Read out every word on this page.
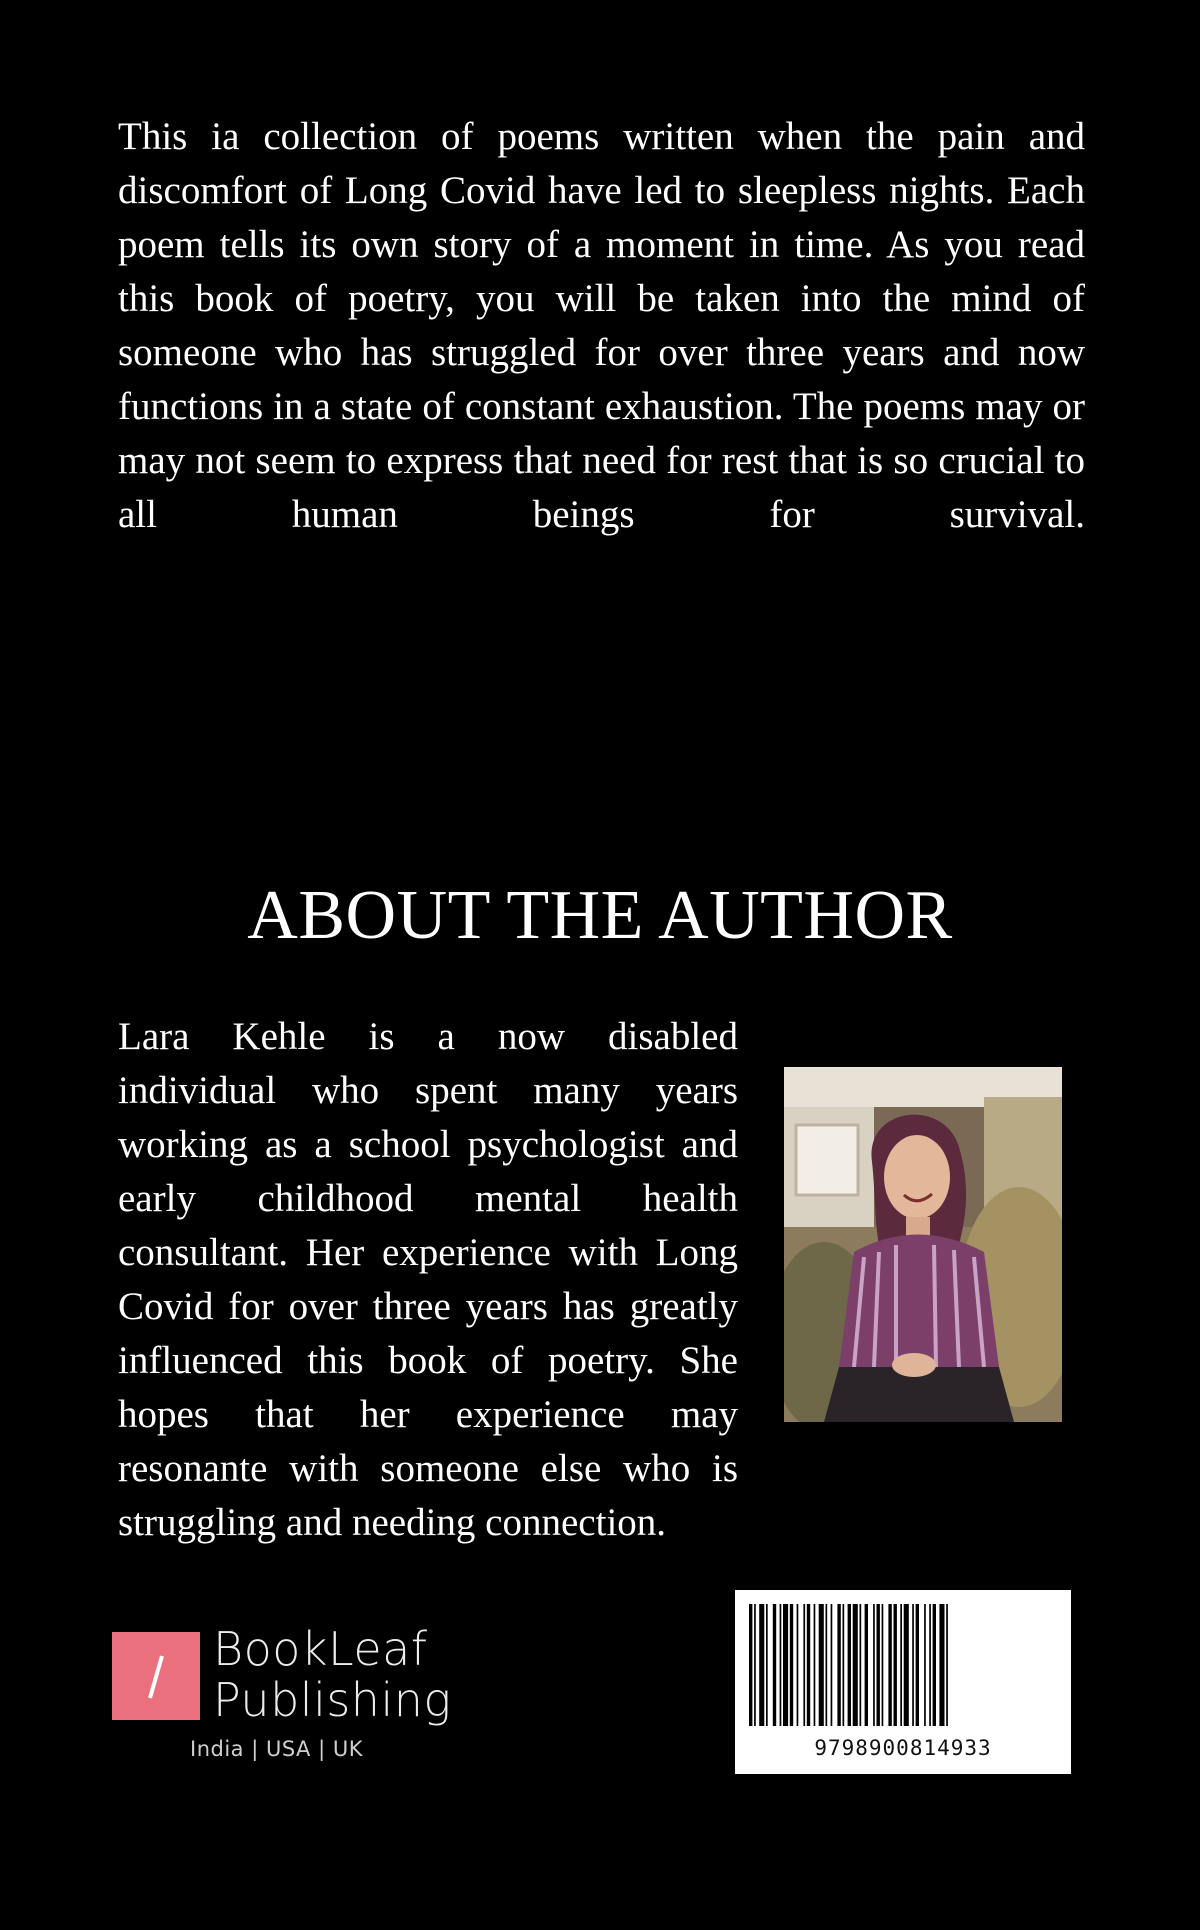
This ia collection of poems written when the pain and discomfort of Long Covid have led to sleepless nights. Each poem tells its own story of a moment in time. As you read this book of poetry, you will be taken into the mind of someone who has struggled for over three years and now functions in a state of constant exhaustion. The poems may or may not seem to express that need for rest that is so crucial to all human beings for survival.

ABOUT THE AUTHOR

Lara Kehle is a now disabled individual who spent many years working as a school psychologist and early childhood mental health consultant. Her experience with Long Covid for over three years has greatly influenced this book of poetry. She hopes that her experience may resonante with someone else who is struggling and needing connection.

BookLeaf
Publishing
India | USA | UK	9798900814933
